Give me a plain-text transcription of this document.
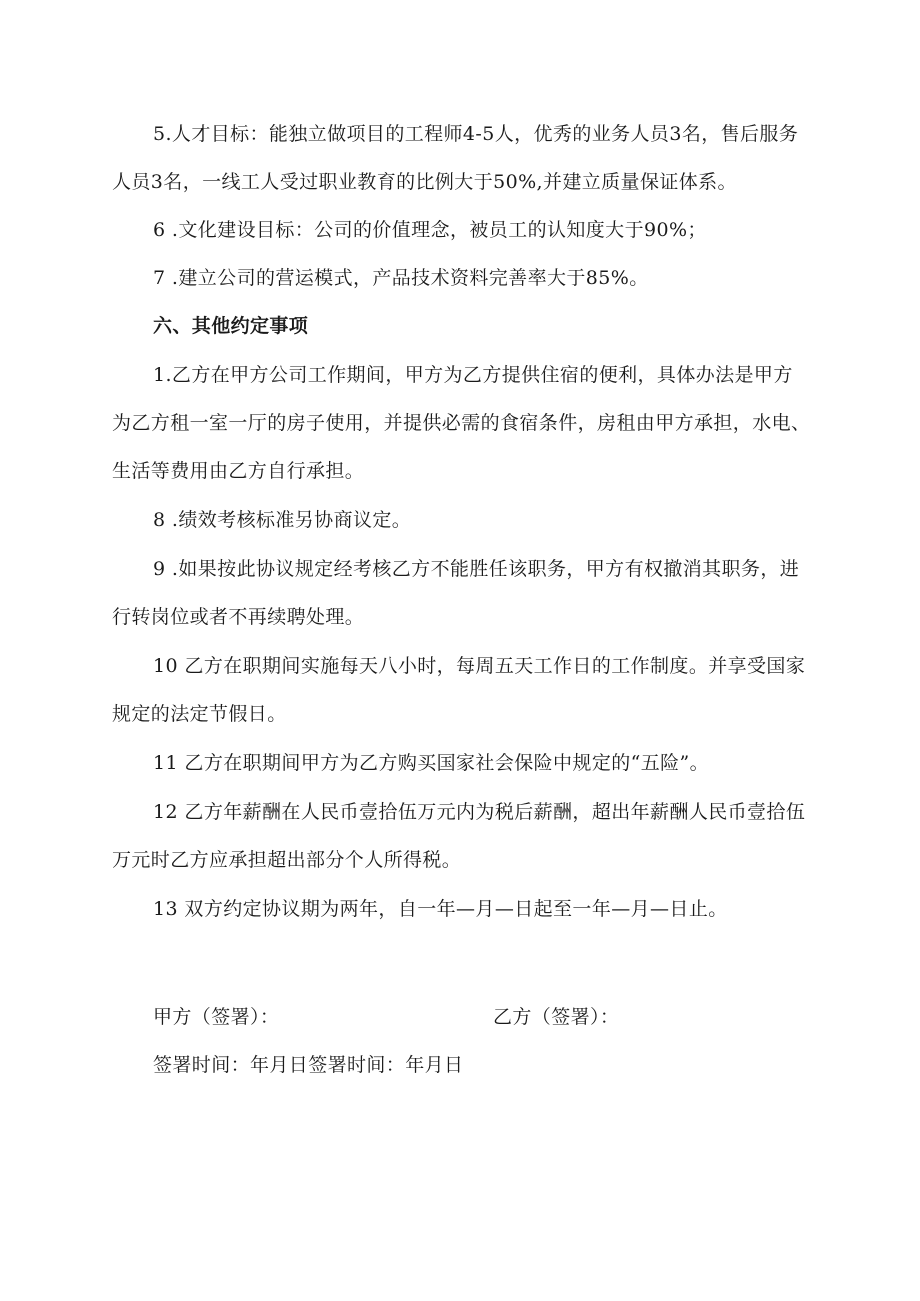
5.人才目标：能独立做项目的工程师4-5人，优秀的业务人员3名，售后服务人员3名，一线工人受过职业教育的比例大于50%,并建立质量保证体系。

6 .文化建设目标：公司的价值理念，被员工的认知度大于90%；

7 .建立公司的营运模式，产品技术资料完善率大于85%。

六、其他约定事项

1.乙方在甲方公司工作期间，甲方为乙方提供住宿的便利，具体办法是甲方为乙方租一室一厅的房子使用，并提供必需的食宿条件，房租由甲方承担，水电、生活等费用由乙方自行承担。

8 .绩效考核标准另协商议定。

9 .如果按此协议规定经考核乙方不能胜任该职务，甲方有权撤消其职务，进行转岗位或者不再续聘处理。

10 乙方在职期间实施每天八小时，每周五天工作日的工作制度。并享受国家规定的法定节假日。

11 乙方在职期间甲方为乙方购买国家社会保险中规定的“五险”。

12 乙方年薪酬在人民币壹拾伍万元内为税后薪酬，超出年薪酬人民币壹拾伍万元时乙方应承担超出部分个人所得税。

13 双方约定协议期为两年，自一年—月—日起至一年—月—日止。

甲方（签署）：	乙方（签署）：

签署时间：年月日签署时间：年月日
